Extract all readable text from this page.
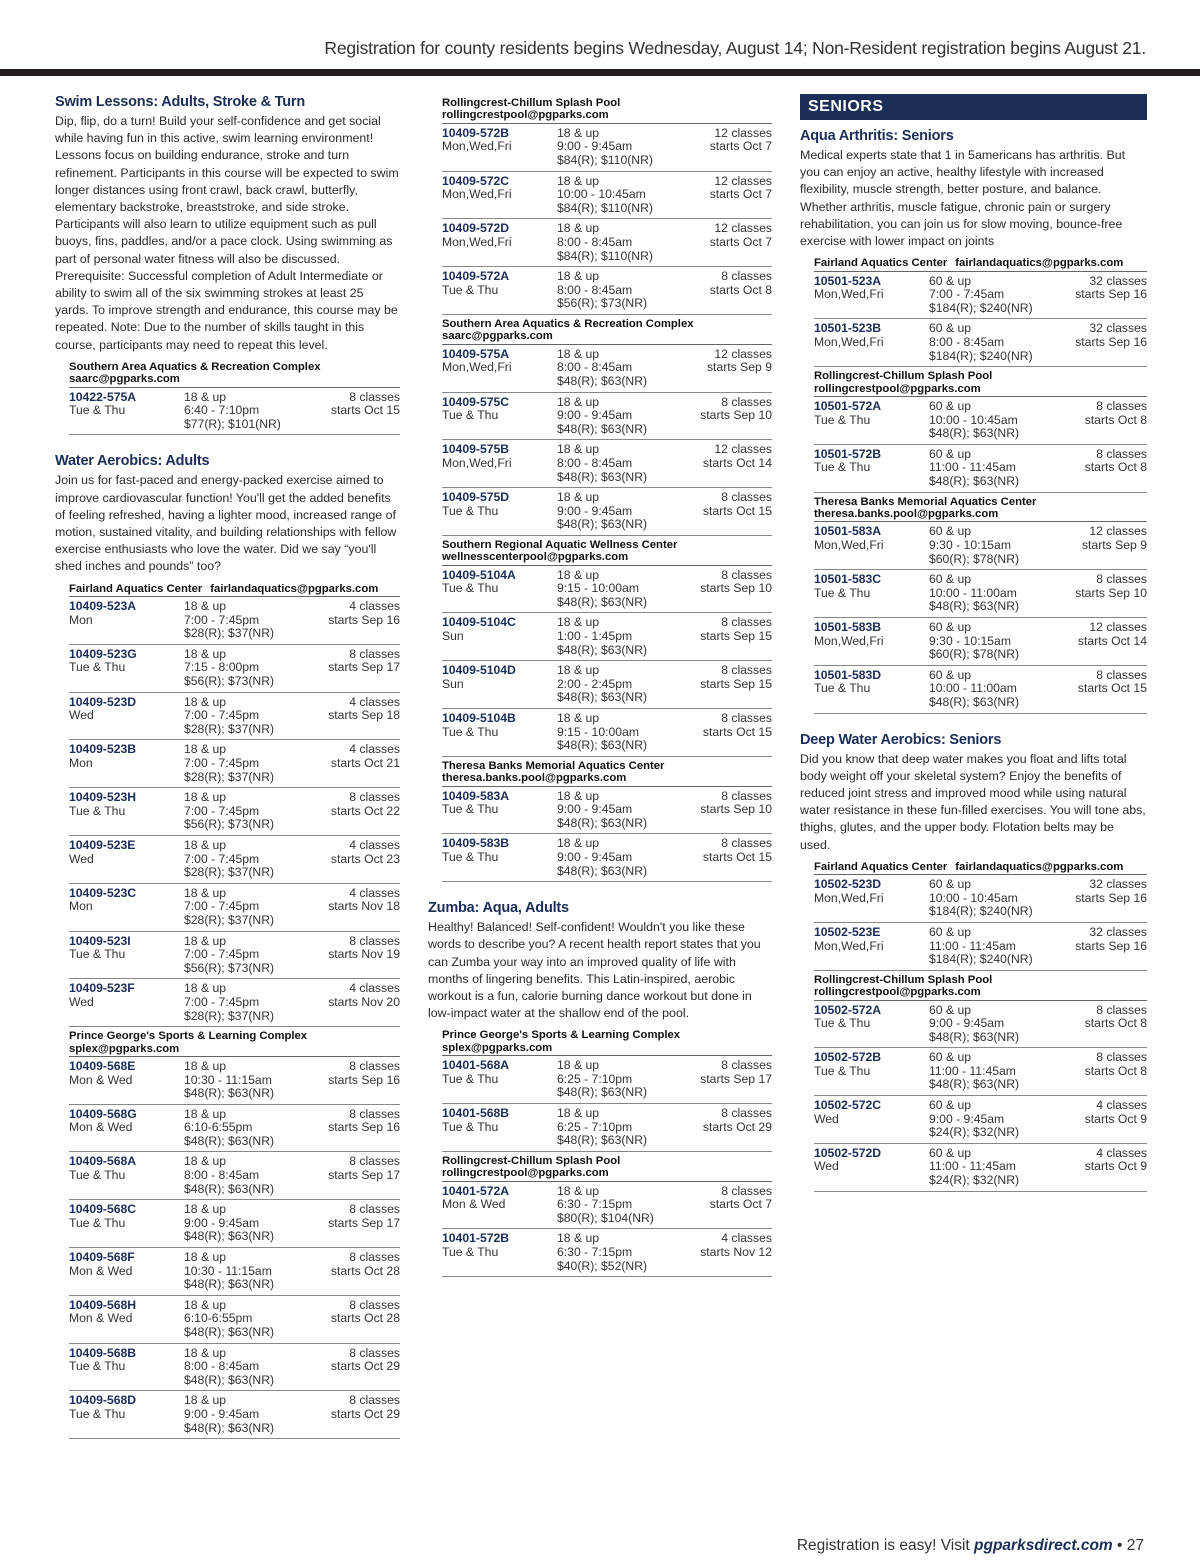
Registration for county residents begins Wednesday, August 14; Non-Resident registration begins August 21.
Swim Lessons: Adults, Stroke & Turn
Dip, flip, do a turn! Build your self-confidence and get social while having fun in this active, swim learning environment! Lessons focus on building endurance, stroke and turn refinement. Participants in this course will be expected to swim longer distances using front crawl, back crawl, butterfly, elementary backstroke, breaststroke, and side stroke. Participants will also learn to utilize equipment such as pull buoys, fins, paddles, and/or a pace clock. Using swimming as part of personal water fitness will also be discussed. Prerequisite: Successful completion of Adult Intermediate or ability to swim all of the six swimming strokes at least 25 yards. To improve strength and endurance, this course may be repeated. Note: Due to the number of skills taught in this course, participants may need to repeat this level.
Southern Area Aquatics & Recreation Complex
saarc@pgparks.com
10422-575A	18 & up	8 classes
Tue & Thu	6:40 - 7:10pm	starts Oct 15
$77(R); $101(NR)
Water Aerobics: Adults
Join us for fast-paced and energy-packed exercise aimed to improve cardiovascular function! You'll get the added benefits of feeling refreshed, having a lighter mood, increased range of motion, sustained vitality, and building relationships with fellow exercise enthusiasts who love the water. Did we say “you'll shed inches and pounds” too?
Fairland Aquatics Center fairlandaquatics@pgparks.com
10409-523A	18 & up	4 classes
Mon	7:00 - 7:45pm	starts Sep 16
$28(R); $37(NR)
10409-523G	18 & up	8 classes
Tue & Thu	7:15 - 8:00pm	starts Sep 17
$56(R); $73(NR)
10409-523D	18 & up	4 classes
Wed	7:00 - 7:45pm	starts Sep 18
$28(R); $37(NR)
10409-523B	18 & up	4 classes
Mon	7:00 - 7:45pm	starts Oct 21
$28(R); $37(NR)
10409-523H	18 & up	8 classes
Tue & Thu	7:00 - 7:45pm	starts Oct 22
$56(R); $73(NR)
10409-523E	18 & up	4 classes
Wed	7:00 - 7:45pm	starts Oct 23
$28(R); $37(NR)
10409-523C	18 & up	4 classes
Mon	7:00 - 7:45pm	starts Nov 18
$28(R); $37(NR)
10409-523I	18 & up	8 classes
Tue & Thu	7:00 - 7:45pm	starts Nov 19
$56(R); $73(NR)
10409-523F	18 & up	4 classes
Wed	7:00 - 7:45pm	starts Nov 20
$28(R); $37(NR)
Prince George's Sports & Learning Complex
splex@pgparks.com
10409-568E	18 & up	8 classes
Mon & Wed	10:30 - 11:15am	starts Sep 16
$48(R); $63(NR)
10409-568G	18 & up	8 classes
Mon & Wed	6:10-6:55pm	starts Sep 16
$48(R); $63(NR)
10409-568A	18 & up	8 classes
Tue & Thu	8:00 - 8:45am	starts Sep 17
$48(R); $63(NR)
10409-568C	18 & up	8 classes
Tue & Thu	9:00 - 9:45am	starts Sep 17
$48(R); $63(NR)
10409-568F	18 & up	8 classes
Mon & Wed	10:30 - 11:15am	starts Oct 28
$48(R); $63(NR)
10409-568H	18 & up	8 classes
Mon & Wed	6:10-6:55pm	starts Oct 28
$48(R); $63(NR)
10409-568B	18 & up	8 classes
Tue & Thu	8:00 - 8:45am	starts Oct 29
$48(R); $63(NR)
10409-568D	18 & up	8 classes
Tue & Thu	9:00 - 9:45am	starts Oct 29
$48(R); $63(NR)
Rollingcrest-Chillum Splash Pool
rollingcrestpool@pgparks.com
10409-572B	18 & up	12 classes
Mon,Wed,Fri	9:00 - 9:45am	starts Oct 7
$84(R); $110(NR)
10409-572C	18 & up	12 classes
Mon,Wed,Fri	10:00 - 10:45am	starts Oct 7
$84(R); $110(NR)
10409-572D	18 & up	12 classes
Mon,Wed,Fri	8:00 - 8:45am	starts Oct 7
$84(R); $110(NR)
10409-572A	18 & up	8 classes
Tue & Thu	8:00 - 8:45am	starts Oct 8
$56(R); $73(NR)
Southern Area Aquatics & Recreation Complex
saarc@pgparks.com
10409-575A	18 & up	12 classes
Mon,Wed,Fri	8:00 - 8:45am	starts Sep 9
$48(R); $63(NR)
10409-575C	18 & up	8 classes
Tue & Thu	9:00 - 9:45am	starts Sep 10
$48(R); $63(NR)
10409-575B	18 & up	12 classes
Mon,Wed,Fri	8:00 - 8:45am	starts Oct 14
$48(R); $63(NR)
10409-575D	18 & up	8 classes
Tue & Thu	9:00 - 9:45am	starts Oct 15
$48(R); $63(NR)
Southern Regional Aquatic Wellness Center
wellnesscenterpool@pgparks.com
10409-5104A	18 & up	8 classes
Tue & Thu	9:15 - 10:00am	starts Sep 10
$48(R); $63(NR)
10409-5104C	18 & up	8 classes
Sun	1:00 - 1:45pm	starts Sep 15
$48(R); $63(NR)
10409-5104D	18 & up	8 classes
Sun	2:00 - 2:45pm	starts Sep 15
$48(R); $63(NR)
10409-5104B	18 & up	8 classes
Tue & Thu	9:15 - 10:00am	starts Oct 15
$48(R); $63(NR)
Theresa Banks Memorial Aquatics Center
theresa.banks.pool@pgparks.com
10409-583A	18 & up	8 classes
Tue & Thu	9:00 - 9:45am	starts Sep 10
$48(R); $63(NR)
10409-583B	18 & up	8 classes
Tue & Thu	9:00 - 9:45am	starts Oct 15
$48(R); $63(NR)
Zumba: Aqua, Adults
Healthy! Balanced! Self-confident! Wouldn't you like these words to describe you? A recent health report states that you can Zumba your way into an improved quality of life with months of lingering benefits. This Latin-inspired, aerobic workout is a fun, calorie burning dance workout but done in low-impact water at the shallow end of the pool.
Prince George's Sports & Learning Complex
splex@pgparks.com
10401-568A	18 & up	8 classes
Tue & Thu	6:25 - 7:10pm	starts Sep 17
$48(R); $63(NR)
10401-568B	18 & up	8 classes
Tue & Thu	6:25 - 7:10pm	starts Oct 29
$48(R); $63(NR)
Rollingcrest-Chillum Splash Pool
rollingcrestpool@pgparks.com
10401-572A	18 & up	8 classes
Mon & Wed	6:30 - 7:15pm	starts Oct 7
$80(R); $104(NR)
10401-572B	18 & up	4 classes
Tue & Thu	6:30 - 7:15pm	starts Nov 12
$40(R); $52(NR)
SENIORS
Aqua Arthritis: Seniors
Medical experts state that 1 in 5americans has arthritis. But you can enjoy an active, healthy lifestyle with increased flexibility, muscle strength, better posture, and balance. Whether arthritis, muscle fatigue, chronic pain or surgery rehabilitation, you can join us for slow moving, bounce-free exercise with lower impact on joints
Fairland Aquatics Center fairlandaquatics@pgparks.com
10501-523A	60 & up	32 classes
Mon,Wed,Fri	7:00 - 7:45am	starts Sep 16
$184(R); $240(NR)
10501-523B	60 & up	32 classes
Mon,Wed,Fri	8:00 - 8:45am	starts Sep 16
$184(R); $240(NR)
Rollingcrest-Chillum Splash Pool
rollingcrestpool@pgparks.com
10501-572A	60 & up	8 classes
Tue & Thu	10:00 - 10:45am	starts Oct 8
$48(R); $63(NR)
10501-572B	60 & up	8 classes
Tue & Thu	11:00 - 11:45am	starts Oct 8
$48(R); $63(NR)
Theresa Banks Memorial Aquatics Center
theresa.banks.pool@pgparks.com
10501-583A	60 & up	12 classes
Mon,Wed,Fri	9:30 - 10:15am	starts Sep 9
$60(R); $78(NR)
10501-583C	60 & up	8 classes
Tue & Thu	10:00 - 11:00am	starts Sep 10
$48(R); $63(NR)
10501-583B	60 & up	12 classes
Mon,Wed,Fri	9:30 - 10:15am	starts Oct 14
$60(R); $78(NR)
10501-583D	60 & up	8 classes
Tue & Thu	10:00 - 11:00am	starts Oct 15
$48(R); $63(NR)
Deep Water Aerobics: Seniors
Did you know that deep water makes you float and lifts total body weight off your skeletal system? Enjoy the benefits of reduced joint stress and improved mood while using natural water resistance in these fun-filled exercises. You will tone abs, thighs, glutes, and the upper body. Flotation belts may be used.
Fairland Aquatics Center fairlandaquatics@pgparks.com
10502-523D	60 & up	32 classes
Mon,Wed,Fri	10:00 - 10:45am	starts Sep 16
$184(R); $240(NR)
10502-523E	60 & up	32 classes
Mon,Wed,Fri	11:00 - 11:45am	starts Sep 16
$184(R); $240(NR)
Rollingcrest-Chillum Splash Pool
rollingcrestpool@pgparks.com
10502-572A	60 & up	8 classes
Tue & Thu	9:00 - 9:45am	starts Oct 8
$48(R); $63(NR)
10502-572B	60 & up	8 classes
Tue & Thu	11:00 - 11:45am	starts Oct 8
$48(R); $63(NR)
10502-572C	60 & up	4 classes
Wed	9:00 - 9:45am	starts Oct 9
$24(R); $32(NR)
10502-572D	60 & up	4 classes
Wed	11:00 - 11:45am	starts Oct 9
$24(R); $32(NR)
Registration is easy! Visit pgparksdirect.com • 27
